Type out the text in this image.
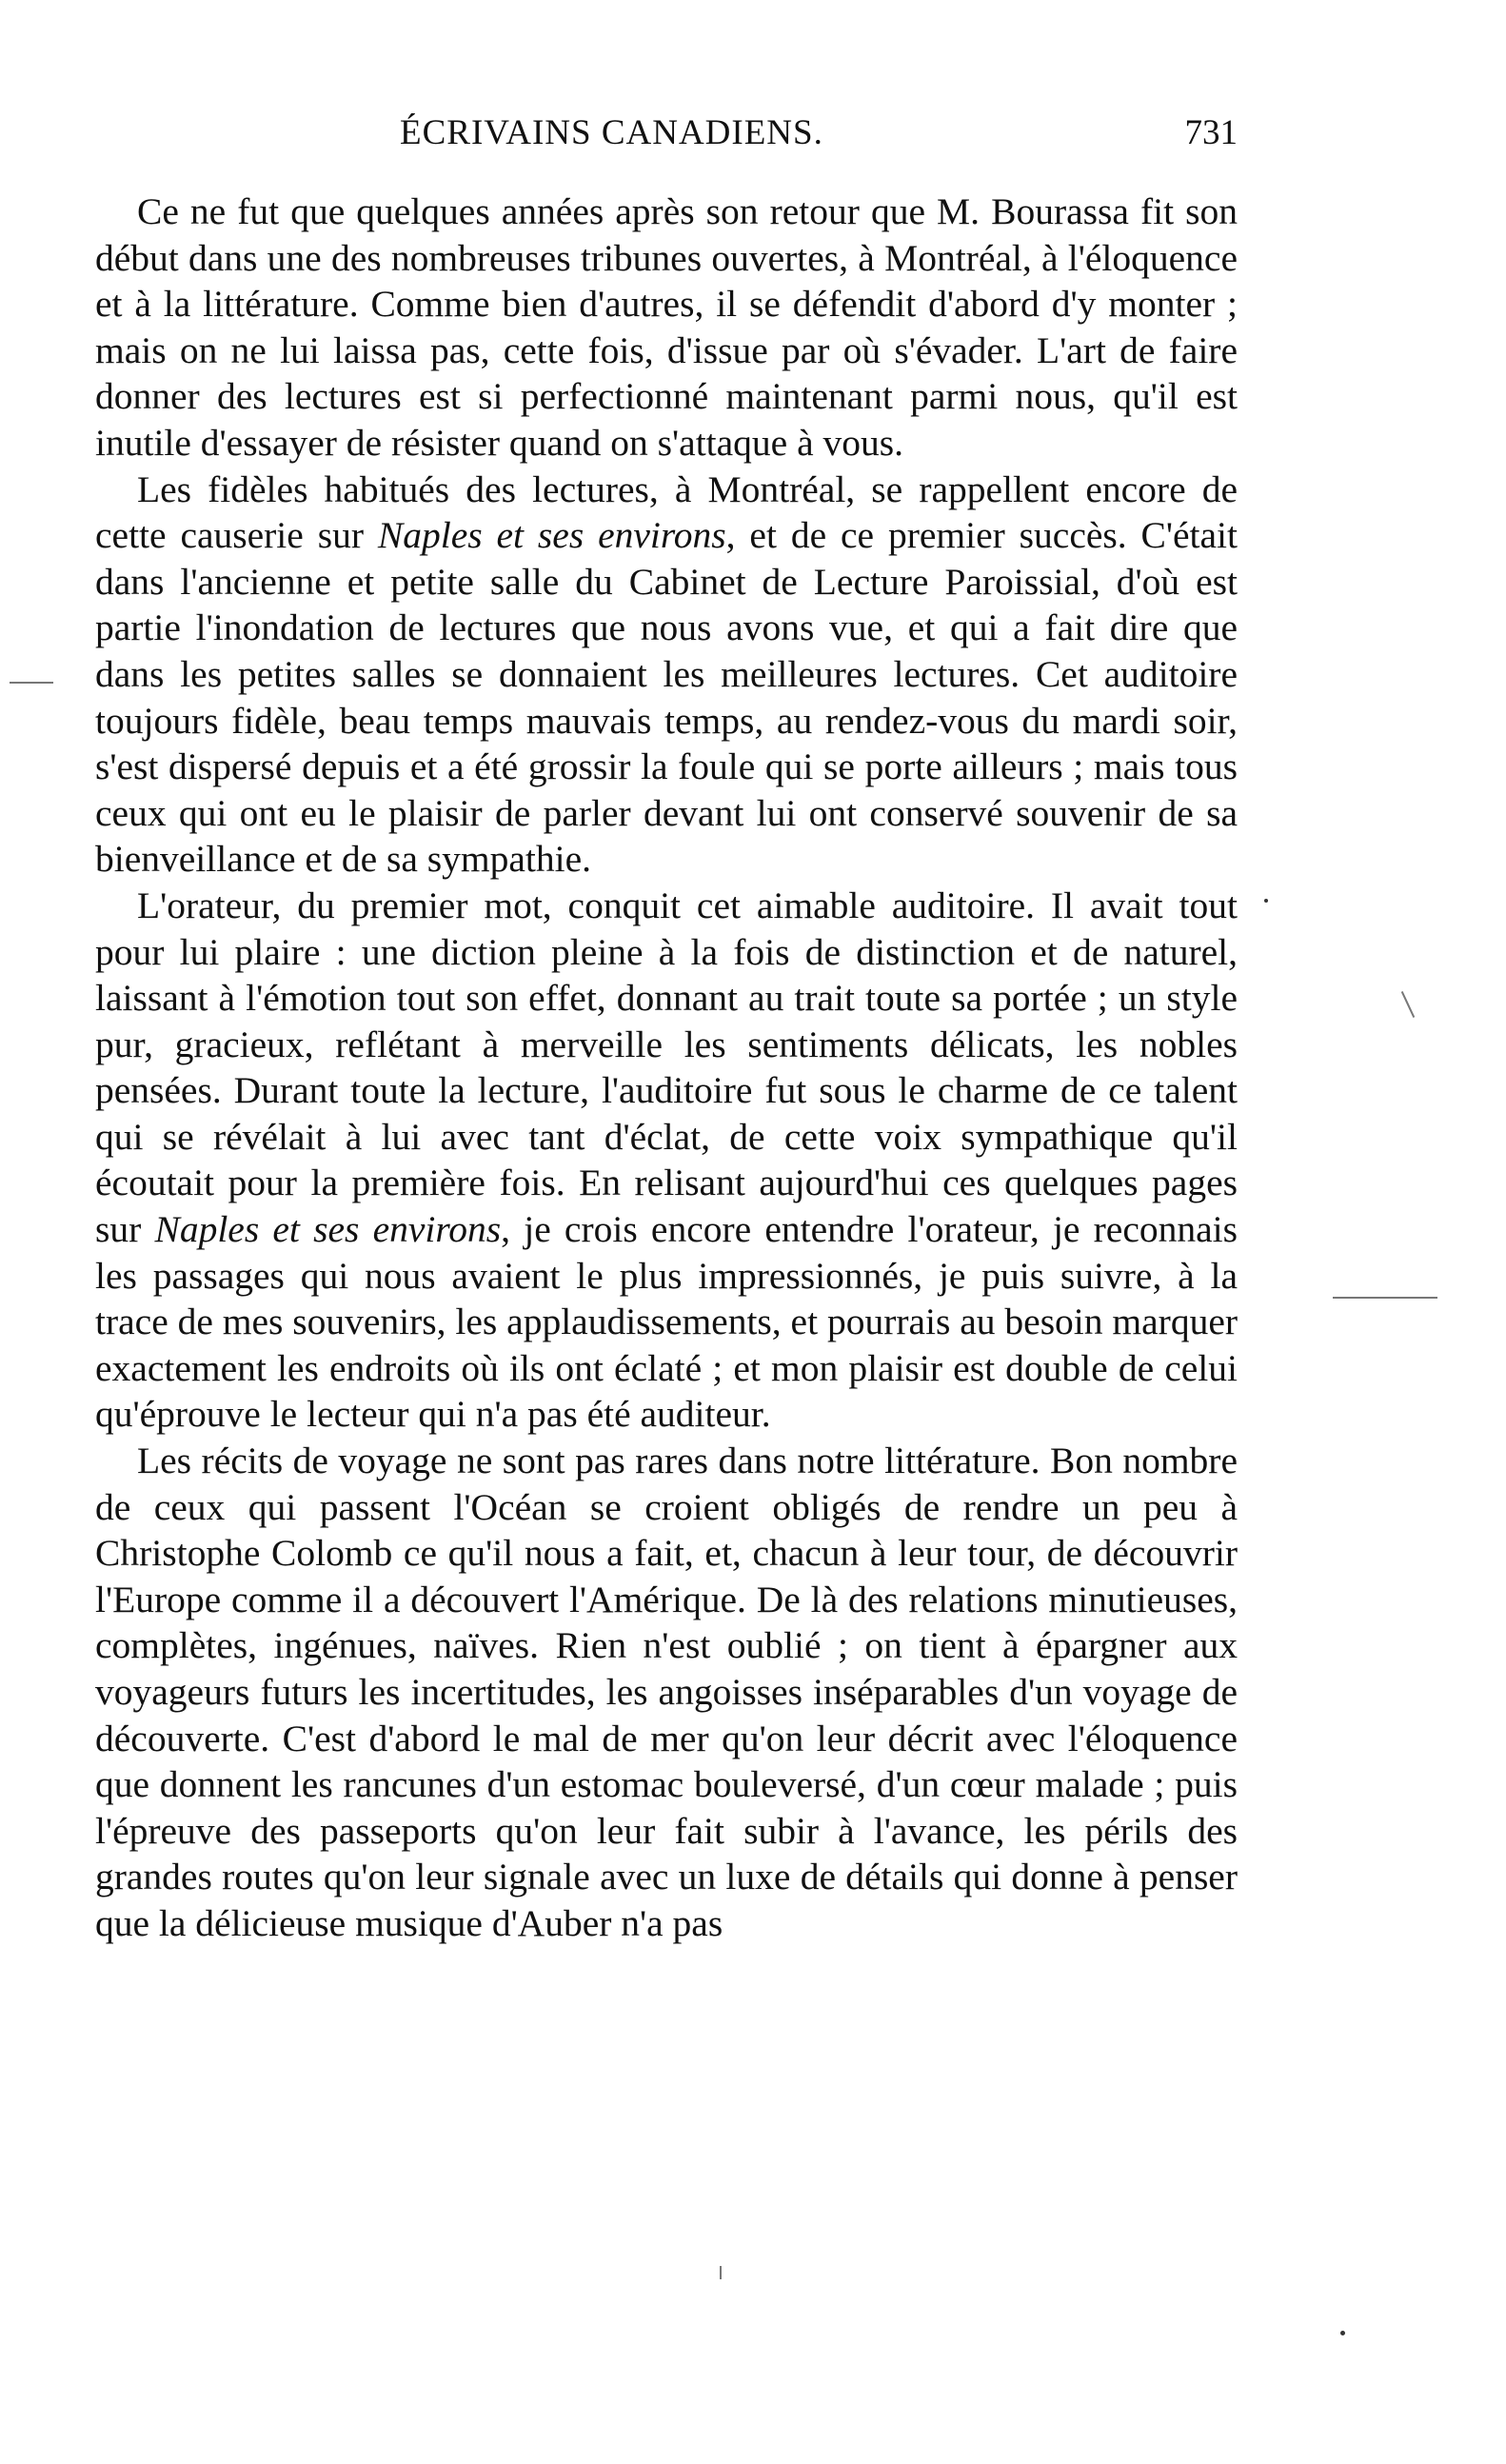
ÉCRIVAINS CANADIENS.	731

Ce ne fut que quelques années après son retour que M. Bourassa fit son début dans une des nombreuses tribunes ouvertes, à Montréal, à l'éloquence et à la littérature. Comme bien d'autres, il se défendit d'abord d'y monter ; mais on ne lui laissa pas, cette fois, d'issue par où s'évader. L'art de faire donner des lectures est si perfectionné maintenant parmi nous, qu'il est inutile d'essayer de résister quand on s'attaque à vous.

Les fidèles habitués des lectures, à Montréal, se rappellent encore de cette causerie sur Naples et ses environs, et de ce premier succès. C'était dans l'ancienne et petite salle du Cabinet de Lecture Paroissial, d'où est partie l'inondation de lectures que nous avons vue, et qui a fait dire que dans les petites salles se donnaient les meilleures lectures. Cet auditoire toujours fidèle, beau temps mauvais temps, au rendez-vous du mardi soir, s'est dispersé depuis et a été grossir la foule qui se porte ailleurs ; mais tous ceux qui ont eu le plaisir de parler devant lui ont conservé souvenir de sa bienveillance et de sa sympathie.

L'orateur, du premier mot, conquit cet aimable auditoire. Il avait tout pour lui plaire : une diction pleine à la fois de distinction et de naturel, laissant à l'émotion tout son effet, donnant au trait toute sa portée ; un style pur, gracieux, reflétant à merveille les sentiments délicats, les nobles pensées. Durant toute la lecture, l'auditoire fut sous le charme de ce talent qui se révélait à lui avec tant d'éclat, de cette voix sympathique qu'il écoutait pour la première fois. En relisant aujourd'hui ces quelques pages sur Naples et ses environs, je crois encore entendre l'orateur, je reconnais les passages qui nous avaient le plus impressionnés, je puis suivre, à la trace de mes souvenirs, les applaudissements, et pourrais au besoin marquer exactement les endroits où ils ont éclaté ; et mon plaisir est double de celui qu'éprouve le lecteur qui n'a pas été auditeur.

Les récits de voyage ne sont pas rares dans notre littérature. Bon nombre de ceux qui passent l'Océan se croient obligés de rendre un peu à Christophe Colomb ce qu'il nous a fait, et, chacun à leur tour, de découvrir l'Europe comme il a découvert l'Amérique. De là des relations minutieuses, complètes, ingénues, naïves. Rien n'est oublié ; on tient à épargner aux voyageurs futurs les incertitudes, les angoisses inséparables d'un voyage de découverte. C'est d'abord le mal de mer qu'on leur décrit avec l'éloquence que donnent les rancunes d'un estomac bouleversé, d'un cœur malade ; puis l'épreuve des passeports qu'on leur fait subir à l'avance, les périls des grandes routes qu'on leur signale avec un luxe de détails qui donne à penser que la délicieuse musique d'Auber n'a pas
